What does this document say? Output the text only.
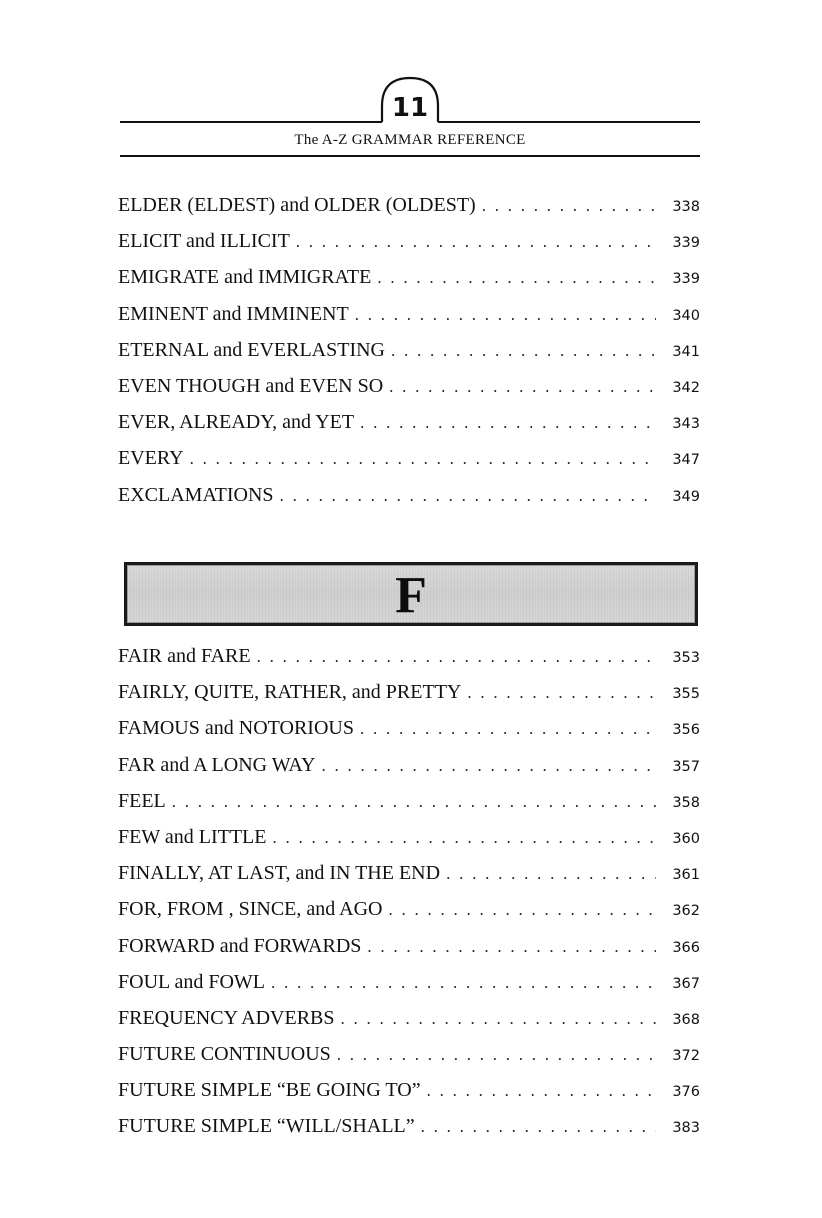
11
The A-Z GRAMMAR REFERENCE
ELDER (ELDEST) and OLDER (OLDEST) . . .	338
ELICIT and ILLICIT . . .	339
EMIGRATE and IMMIGRATE . . .	339
EMINENT and IMMINENT . . .	340
ETERNAL and EVERLASTING . . .	341
EVEN THOUGH and EVEN SO . . .	342
EVER, ALREADY, and YET . . .	343
EVERY . . .	347
EXCLAMATIONS . . .	349
F
FAIR and FARE . . .	353
FAIRLY, QUITE, RATHER, and PRETTY . . .	355
FAMOUS and NOTORIOUS . . .	356
FAR and A LONG WAY . . .	357
FEEL . . .	358
FEW and LITTLE . . .	360
FINALLY, AT LAST, and IN THE END . . .	361
FOR, FROM , SINCE, and AGO . . .	362
FORWARD and FORWARDS . . .	366
FOUL and FOWL . . .	367
FREQUENCY ADVERBS . . .	368
FUTURE CONTINUOUS . . .	372
FUTURE SIMPLE “BE GOING TO” . . .	376
FUTURE SIMPLE “WILL/SHALL” . . .	383
